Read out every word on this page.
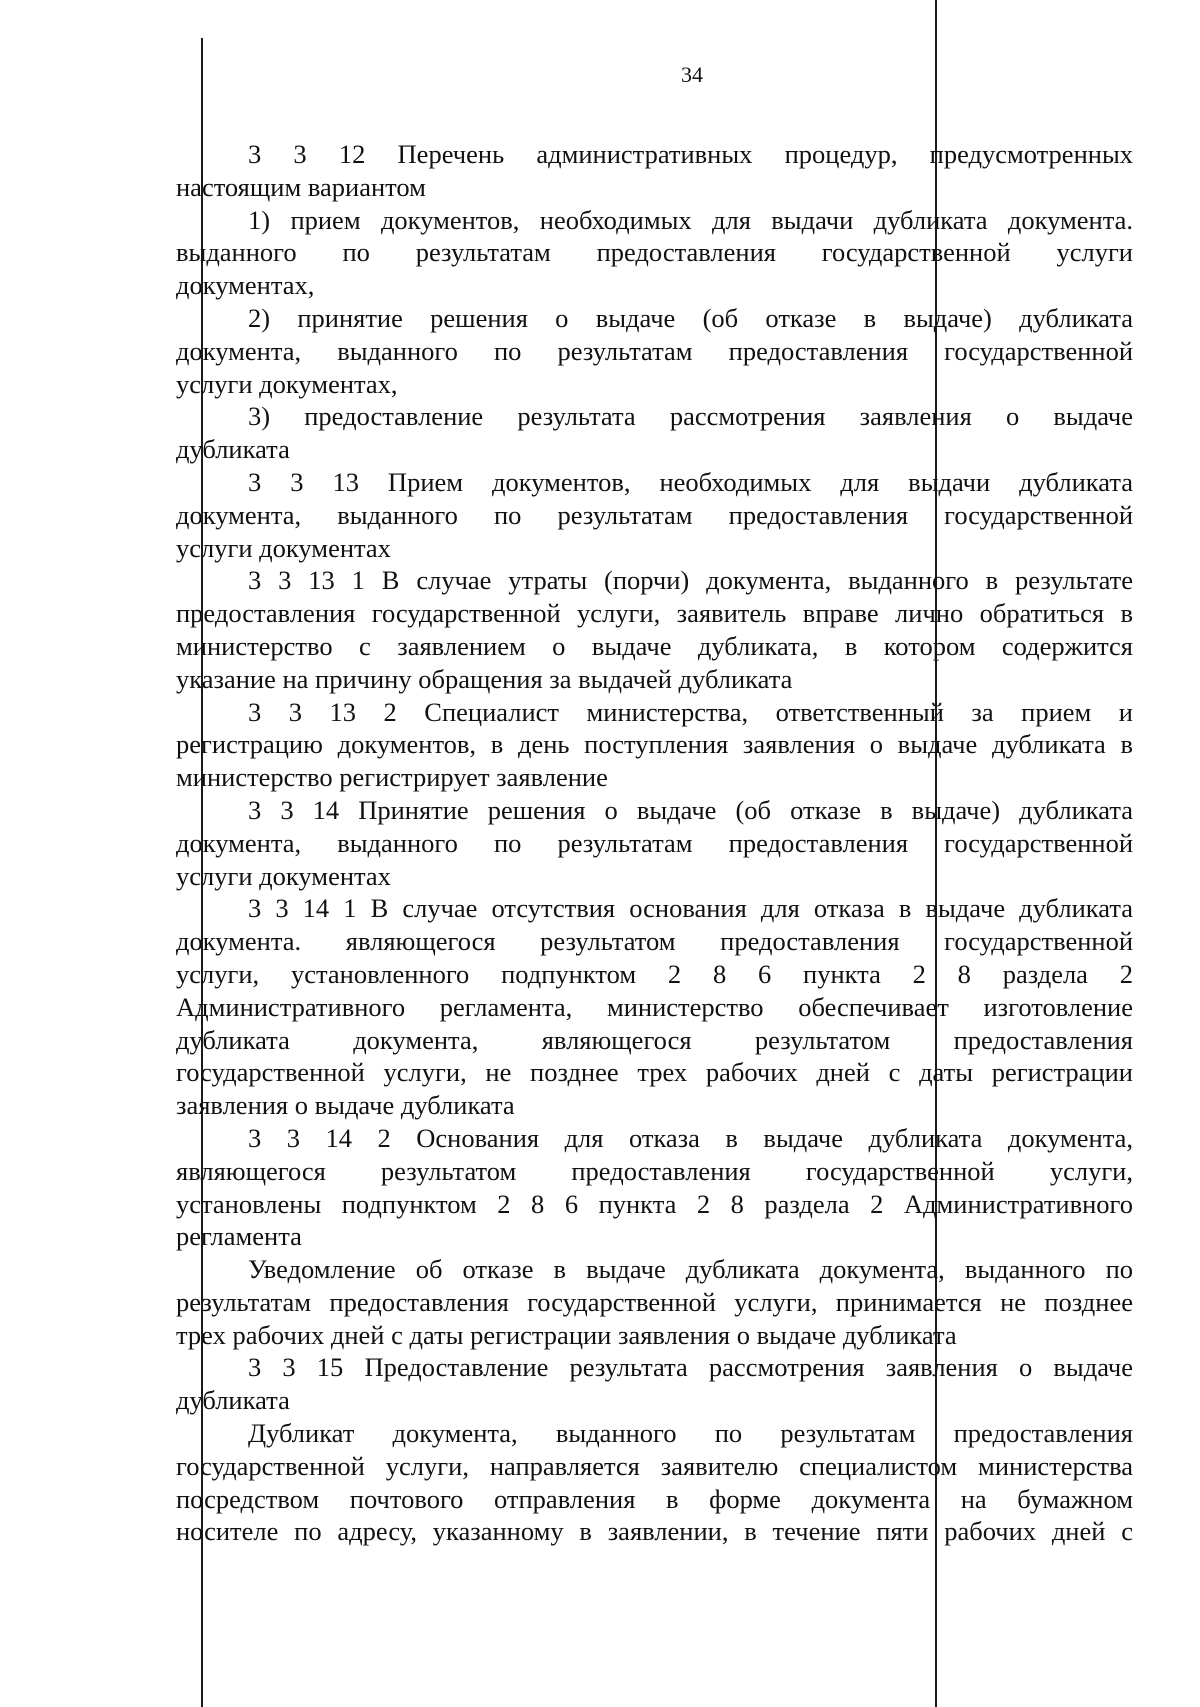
34
3 3 12 Перечень административных процедур, предусмотренных
настоящим вариантом
1) прием документов, необходимых для выдачи дубликата документа.
выданного по результатам предоставления государственной услуги
документах,
2) принятие решения о выдаче (об отказе в выдаче) дубликата
документа, выданного по результатам предоставления государственной
услуги документах,
3) предоставление результата рассмотрения заявления о выдаче
дубликата
3 3 13 Прием документов, необходимых для выдачи дубликата
документа, выданного по результатам предоставления государственной
услуги документах
3 3 13 1 В случае утраты (порчи) документа, выданного в результате
предоставления государственной услуги, заявитель вправе лично обратиться в
министерство с заявлением о выдаче дубликата, в котором содержится
указание на причину обращения за выдачей дубликата
3 3 13 2 Специалист министерства, ответственный за прием и
регистрацию документов, в день поступления заявления о выдаче дубликата в
министерство регистрирует заявление
3 3 14 Принятие решения о выдаче (об отказе в выдаче) дубликата
документа, выданного по результатам предоставления государственной
услуги документах
3 3 14 1 В случае отсутствия основания для отказа в выдаче дубликата
документа. являющегося результатом предоставления государственной
услуги, установленного подпунктом 2 8 6 пункта 2 8 раздела 2
Административного регламента, министерство обеспечивает изготовление
дубликата документа, являющегося результатом предоставления
государственной услуги, не позднее трех рабочих дней с даты регистрации
заявления о выдаче дубликата
3 3 14 2 Основания для отказа в выдаче дубликата документа,
являющегося результатом предоставления государственной услуги,
установлены подпунктом 2 8 6 пункта 2 8 раздела 2 Административного
регламента
Уведомление об отказе в выдаче дубликата документа, выданного по
результатам предоставления государственной услуги, принимается не позднее
трех рабочих дней с даты регистрации заявления о выдаче дубликата
3 3 15 Предоставление результата рассмотрения заявления о выдаче
дубликата
Дубликат документа, выданного по результатам предоставления
государственной услуги, направляется заявителю специалистом министерства
посредством почтового отправления в форме документа на бумажном
носителе по адресу, указанному в заявлении, в течение пяти рабочих дней с
